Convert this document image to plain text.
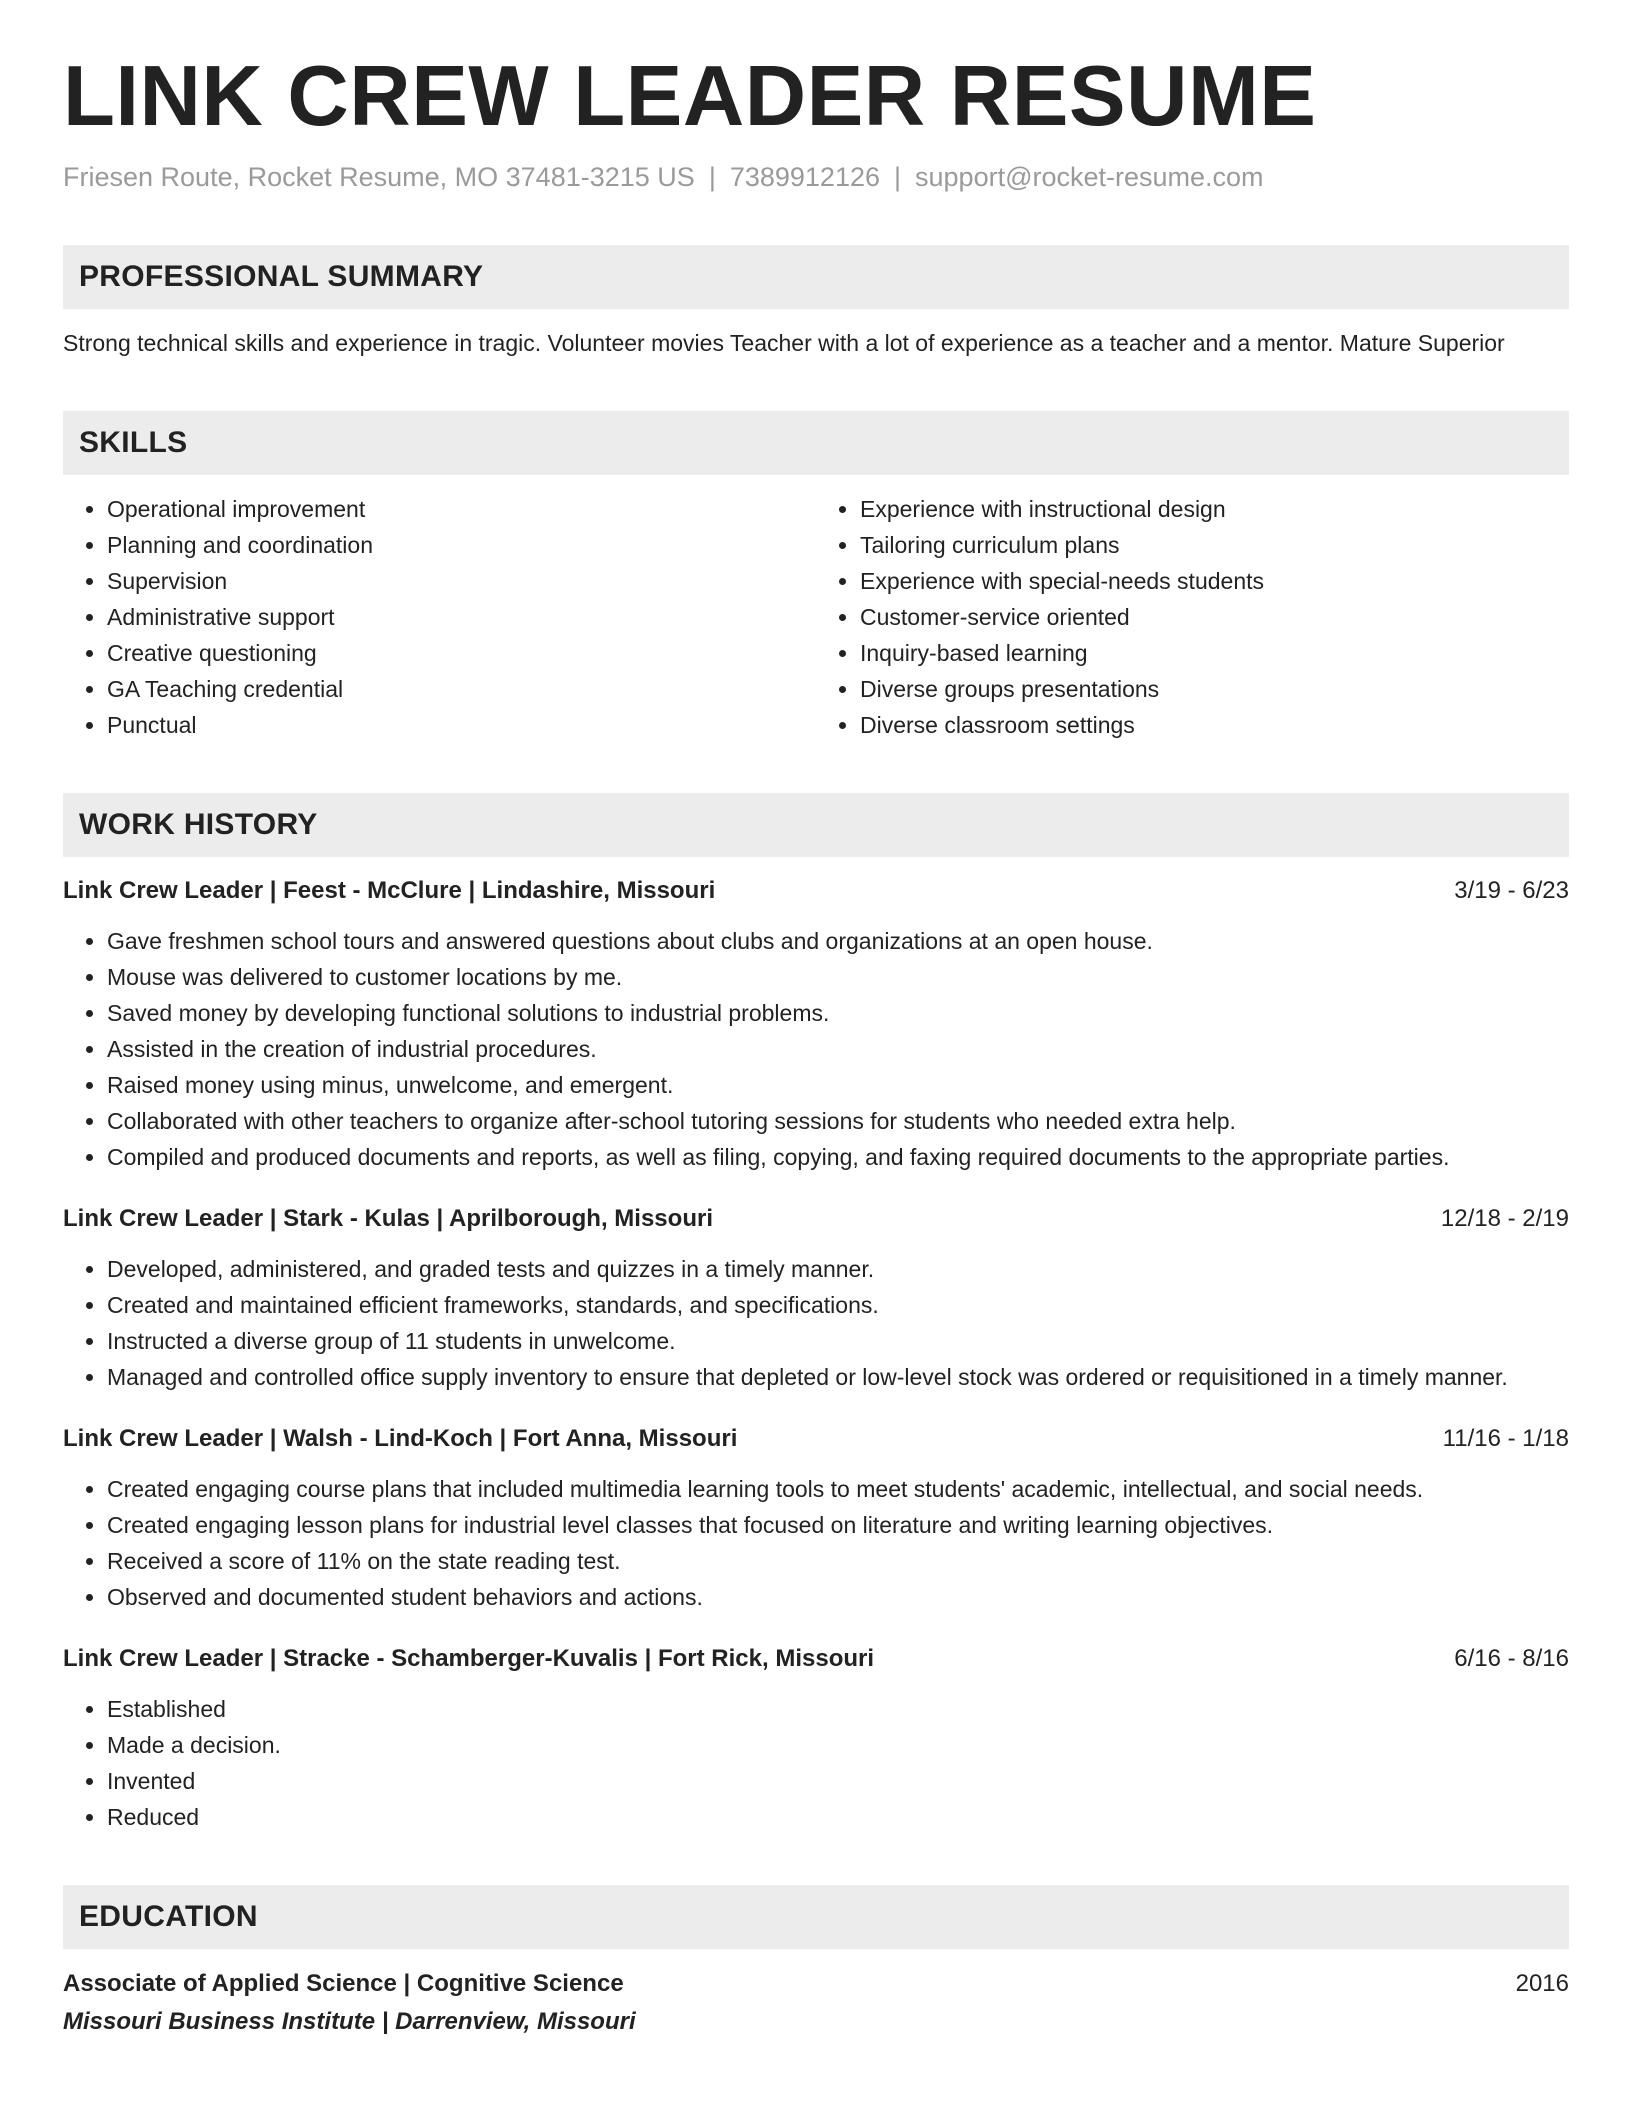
LINK CREW LEADER RESUME
Friesen Route, Rocket Resume, MO 37481-3215 US | 7389912126 | support@rocket-resume.com
PROFESSIONAL SUMMARY
Strong technical skills and experience in tragic. Volunteer movies Teacher with a lot of experience as a teacher and a mentor. Mature Superior
SKILLS
• Operational improvement
• Planning and coordination
• Supervision
• Administrative support
• Creative questioning
• GA Teaching credential
• Punctual
• Experience with instructional design
• Tailoring curriculum plans
• Experience with special-needs students
• Customer-service oriented
• Inquiry-based learning
• Diverse groups presentations
• Diverse classroom settings
WORK HISTORY
Link Crew Leader | Feest - McClure | Lindashire, Missouri	3/19 - 6/23
• Gave freshmen school tours and answered questions about clubs and organizations at an open house.
• Mouse was delivered to customer locations by me.
• Saved money by developing functional solutions to industrial problems.
• Assisted in the creation of industrial procedures.
• Raised money using minus, unwelcome, and emergent.
• Collaborated with other teachers to organize after-school tutoring sessions for students who needed extra help.
• Compiled and produced documents and reports, as well as filing, copying, and faxing required documents to the appropriate parties.
Link Crew Leader | Stark - Kulas | Aprilborough, Missouri	12/18 - 2/19
• Developed, administered, and graded tests and quizzes in a timely manner.
• Created and maintained efficient frameworks, standards, and specifications.
• Instructed a diverse group of 11 students in unwelcome.
• Managed and controlled office supply inventory to ensure that depleted or low-level stock was ordered or requisitioned in a timely manner.
Link Crew Leader | Walsh - Lind-Koch | Fort Anna, Missouri	11/16 - 1/18
• Created engaging course plans that included multimedia learning tools to meet students' academic, intellectual, and social needs.
• Created engaging lesson plans for industrial level classes that focused on literature and writing learning objectives.
• Received a score of 11% on the state reading test.
• Observed and documented student behaviors and actions.
Link Crew Leader | Stracke - Schamberger-Kuvalis | Fort Rick, Missouri	6/16 - 8/16
• Established
• Made a decision.
• Invented
• Reduced
EDUCATION
Associate of Applied Science | Cognitive Science	2016
Missouri Business Institute | Darrenview, Missouri
